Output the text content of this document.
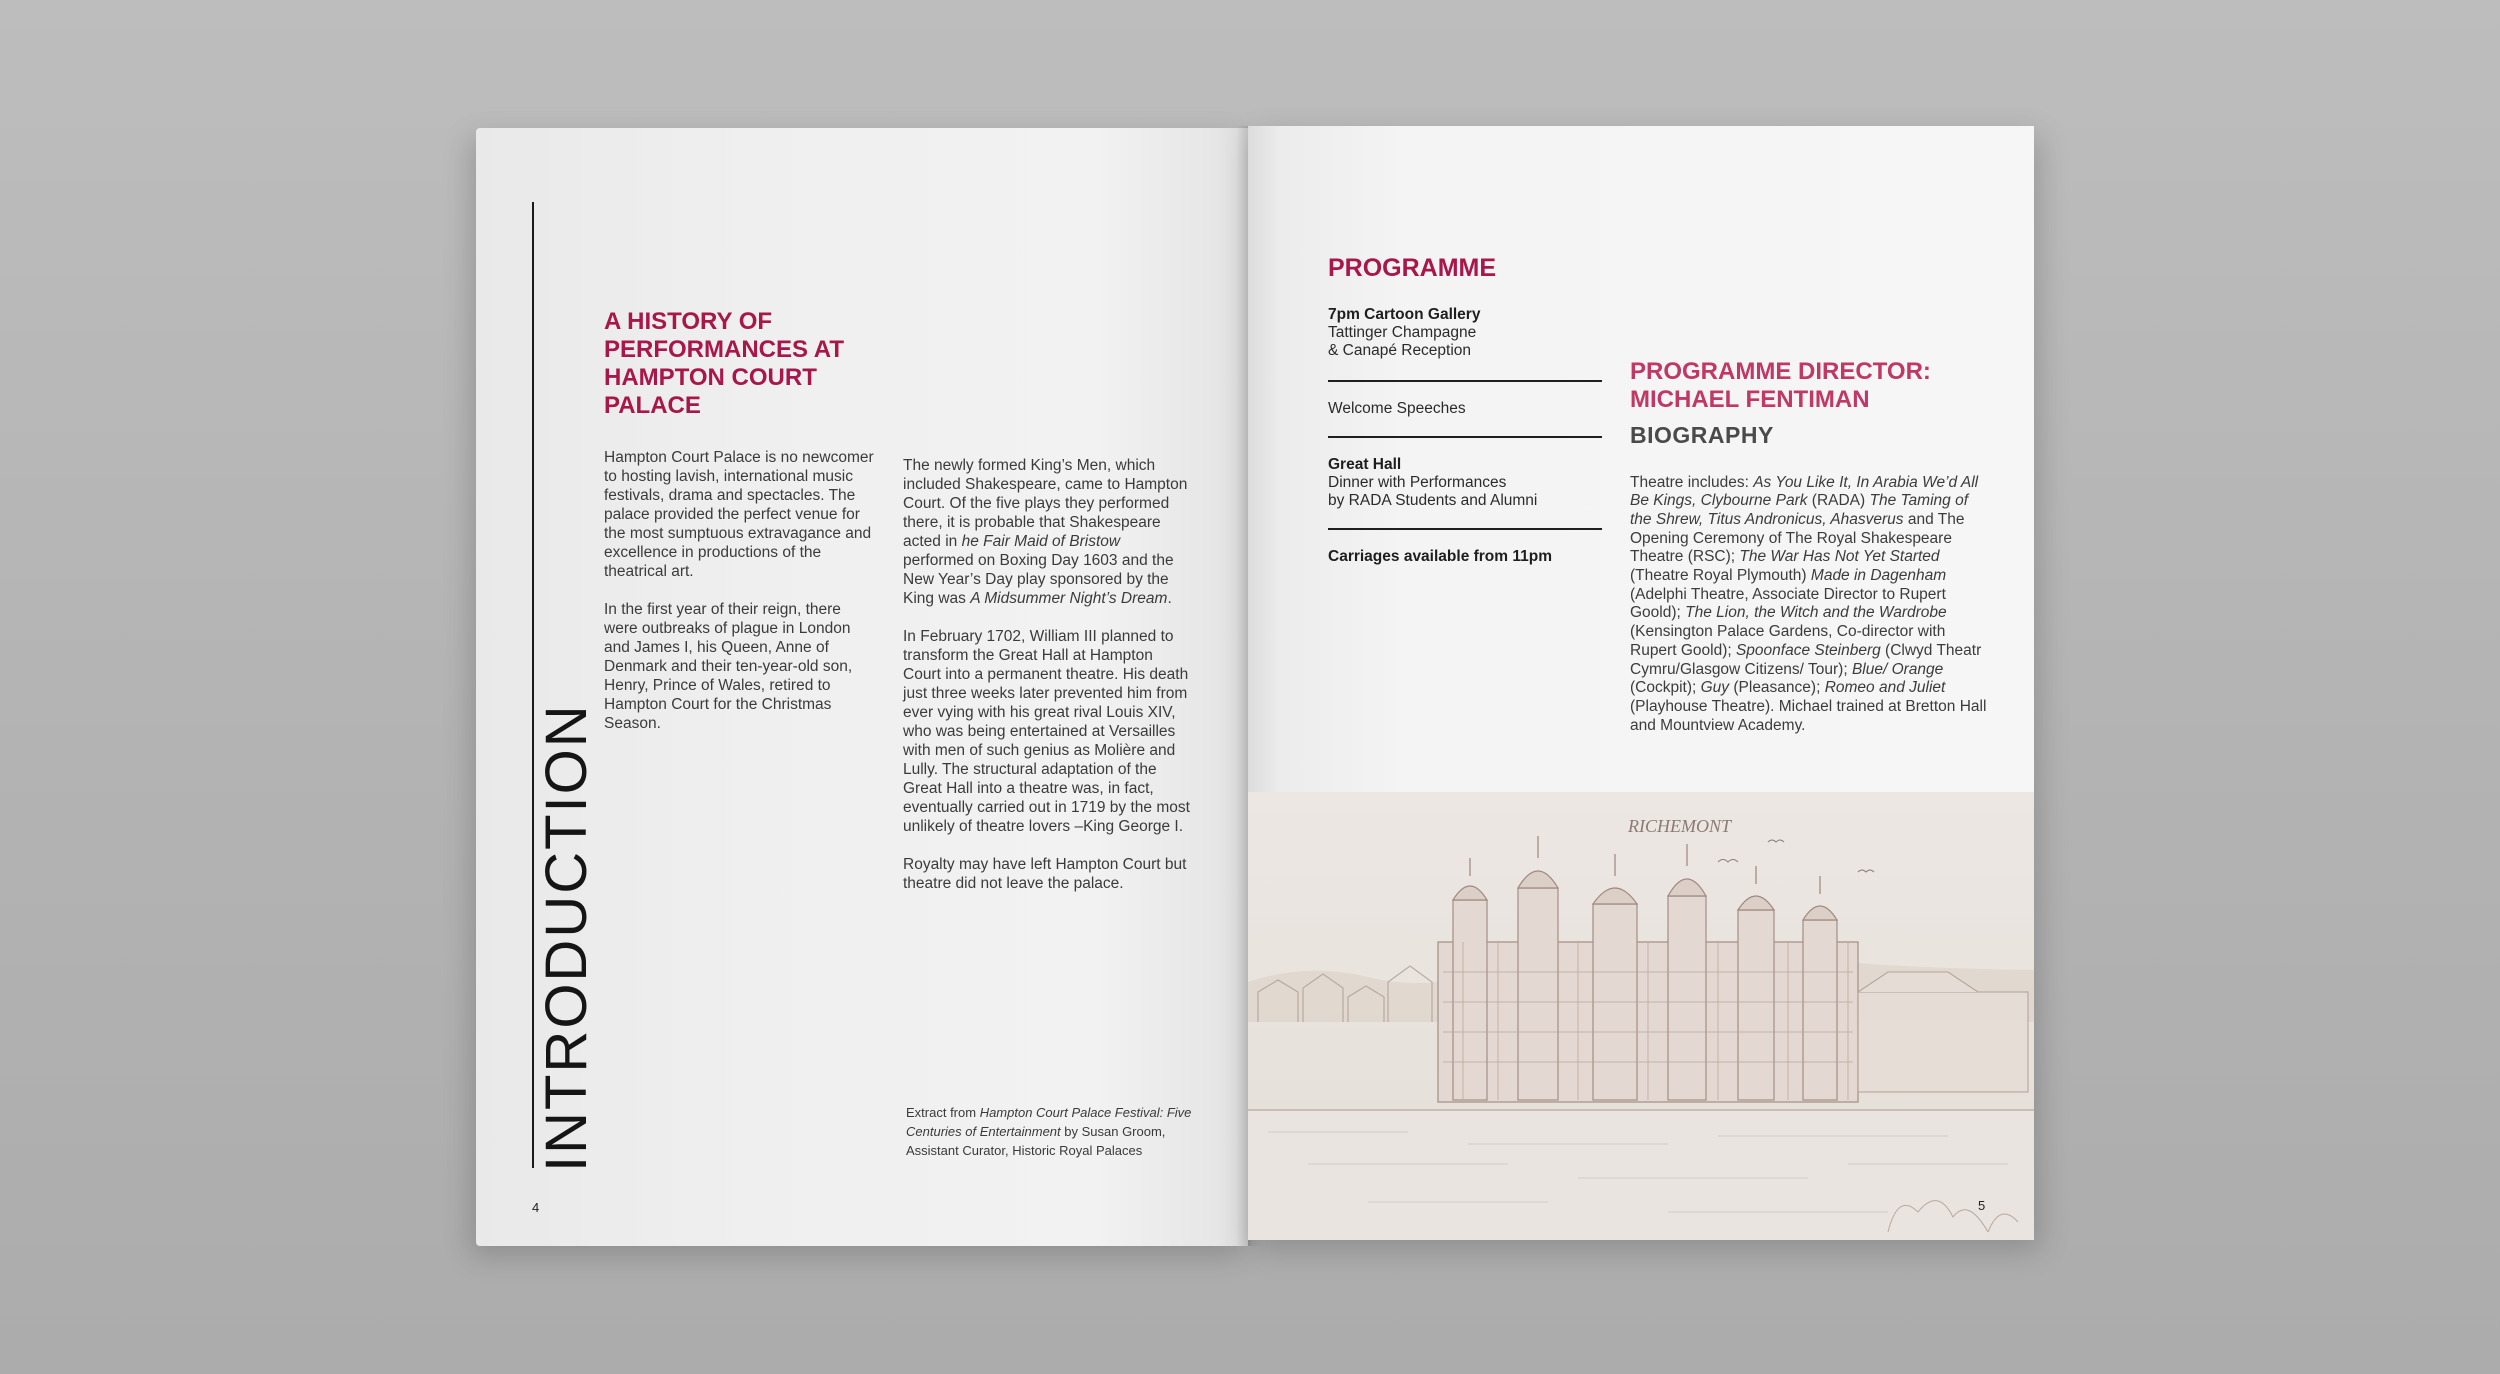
INTRODUCTION
A HISTORY OF PERFORMANCES AT HAMPTON COURT PALACE

Hampton Court Palace is no newcomer to hosting lavish, international music festivals, drama and spectacles. The palace provided the perfect venue for the most sumptuous extravagance and excellence in productions of the theatrical art.

In the first year of their reign, there were outbreaks of plague in London and James I, his Queen, Anne of Denmark and their ten-year-old son, Henry, Prince of Wales, retired to Hampton Court for the Christmas Season.

The newly formed King’s Men, which included Shakespeare, came to Hampton Court. Of the five plays they performed there, it is probable that Shakespeare acted in he Fair Maid of Bristow performed on Boxing Day 1603 and the New Year’s Day play sponsored by the King was A Midsummer Night’s Dream.

In February 1702, William III planned to transform the Great Hall at Hampton Court into a permanent theatre. His death just three weeks later prevented him from ever vying with his great rival Louis XIV, who was being entertained at Versailles with men of such genius as Molière and Lully. The structural adaptation of the Great Hall into a theatre was, in fact, eventually carried out in 1719 by the most unlikely of theatre lovers –King George I.

Royalty may have left Hampton Court but theatre did not leave the palace.

Extract from Hampton Court Palace Festival: Five Centuries of Entertainment by Susan Groom, Assistant Curator, Historic Royal Palaces
4
PROGRAMME
7pm Cartoon Gallery
Tattinger Champagne
& Canapé Reception
Welcome Speeches
Great Hall
Dinner with Performances
by RADA Students and Alumni
Carriages available from 11pm
PROGRAMME DIRECTOR: MICHAEL FENTIMAN
BIOGRAPHY

Theatre includes: As You Like It, In Arabia We’d All Be Kings, Clybourne Park (RADA) The Taming of the Shrew, Titus Andronicus, Ahasverus and The Opening Ceremony of The Royal Shakespeare Theatre (RSC); The War Has Not Yet Started (Theatre Royal Plymouth) Made in Dagenham (Adelphi Theatre, Associate Director to Rupert Goold); The Lion, the Witch and the Wardrobe (Kensington Palace Gardens, Co-director with Rupert Goold); Spoonface Steinberg (Clwyd Theatr Cymru/Glasgow Citizens/ Tour); Blue/ Orange (Cockpit); Guy (Pleasance); Romeo and Juliet (Playhouse Theatre). Michael trained at Bretton Hall and Mountview Academy.

RICHEMONT
5
